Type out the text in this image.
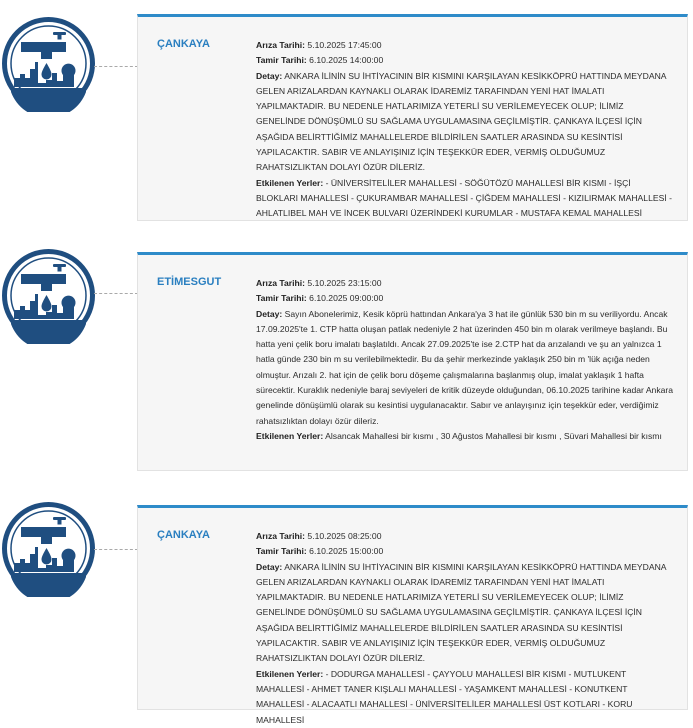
ÇANKAYA	Arıza Tarihi: 5.10.2025 17:45:00

Tamir Tarihi: 6.10.2025 14:00:00

Detay: ANKARA İLİNİN SU İHTİYACININ BİR KISMINI KARŞILAYAN KESİKKÖPRÜ HATTINDA MEYDANA GELEN ARIZALARDAN KAYNAKLI OLARAK İDAREMİZ TARAFINDAN YENİ HAT İMALATI YAPILMAKTADIR. BU NEDENLE HATLARIMIZA YETERLİ SU VERİLEMEYECEK OLUP; İLİMİZ GENELİNDE DÖNÜŞÜMLÜ SU SAĞLAMA UYGULAMASINA GEÇİLMİŞTİR. ÇANKAYA İLÇESİ İÇİN AŞAĞIDA BELİRTTİĞİMİZ MAHALLELERDE BİLDİRİLEN SAATLER ARASINDA SU KESİNTİSİ YAPILACAKTIR. SABIR VE ANLAYIŞINIZ İÇİN TEŞEKKÜR EDER, VERMİŞ OLDUĞUMUZ RAHATSIZLIKTAN DOLAYI ÖZÜR DİLERİZ.

Etkilenen Yerler: - ÜNİVERSİTELİLER MAHALLESİ - SÖĞÜTÖZÜ MAHALLESİ BİR KISMI - İŞÇİ BLOKLARI MAHALLESİ - ÇUKURAMBAR MAHALLESİ - ÇİĞDEM MAHALLESİ - KIZILIRMAK MAHALLESİ - AHLATLIBEL MAH VE İNCEK BULVARI ÜZERİNDEKİ KURUMLAR - MUSTAFA KEMAL MAHALLESİ

ETİMESGUT	Arıza Tarihi: 5.10.2025 23:15:00

Tamir Tarihi: 6.10.2025 09:00:00

Detay: Sayın Abonelerimiz, Kesik köprü hattından Ankara'ya 3 hat ile günlük 530 bin m su veriliyordu. Ancak 17.09.2025'te 1. CTP hatta oluşan patlak nedeniyle 2 hat üzerinden 450 bin m olarak verilmeye başlandı. Bu hatta yeni çelik boru imalatı başlatıldı. Ancak 27.09.2025'te ise 2.CTP hat da arızalandı ve şu an yalnızca 1 hatla günde 230 bin m su verilebilmektedir. Bu da şehir merkezinde yaklaşık 250 bin m 'lük açığa neden olmuştur. Arızalı 2. hat için de çelik boru döşeme çalışmalarına başlanmış olup, imalat yaklaşık 1 hafta sürecektir. Kuraklık nedeniyle baraj seviyeleri de kritik düzeyde olduğundan, 06.10.2025 tarihine kadar Ankara genelinde dönüşümlü olarak su kesintisi uygulanacaktır. Sabır ve anlayışınız için teşekkür eder, verdiğimiz rahatsızlıktan dolayı özür dileriz.

Etkilenen Yerler: Alsancak Mahallesi bir kısmı , 30 Ağustos Mahallesi bir kısmı , Süvari Mahallesi bir kısmı

ÇANKAYA	Arıza Tarihi: 5.10.2025 08:25:00

Tamir Tarihi: 6.10.2025 15:00:00

Detay: ANKARA İLİNİN SU İHTİYACININ BİR KISMINI KARŞILAYAN KESİKKÖPRÜ HATTINDA MEYDANA GELEN ARIZALARDAN KAYNAKLI OLARAK İDAREMİZ TARAFINDAN YENİ HAT İMALATI YAPILMAKTADIR. BU NEDENLE HATLARIMIZA YETERLİ SU VERİLEMEYECEK OLUP; İLİMİZ GENELİNDE DÖNÜŞÜMLÜ SU SAĞLAMA UYGULAMASINA GEÇİLMİŞTİR. ÇANKAYA İLÇESİ İÇİN AŞAĞIDA BELİRTTİĞİMİZ MAHALLELERDE BİLDİRİLEN SAATLER ARASINDA SU KESİNTİSİ YAPILACAKTIR. SABIR VE ANLAYIŞINIZ İÇİN TEŞEKKÜR EDER, VERMİŞ OLDUĞUMUZ RAHATSIZLIKTAN DOLAYI ÖZÜR DİLERİZ.

Etkilenen Yerler: - DODURGA MAHALLESİ - ÇAYYOLU MAHALLESİ BİR KISMI - MUTLUKENT MAHALLESİ - AHMET TANER KIŞLALI MAHALLESİ - YAŞAMKENT MAHALLESİ - KONUTKENT MAHALLESİ - ALACAATLI MAHALLESİ - ÜNİVERSİTELİLER MAHALLESİ ÜST KOTLARI - KORU MAHALLESİ
